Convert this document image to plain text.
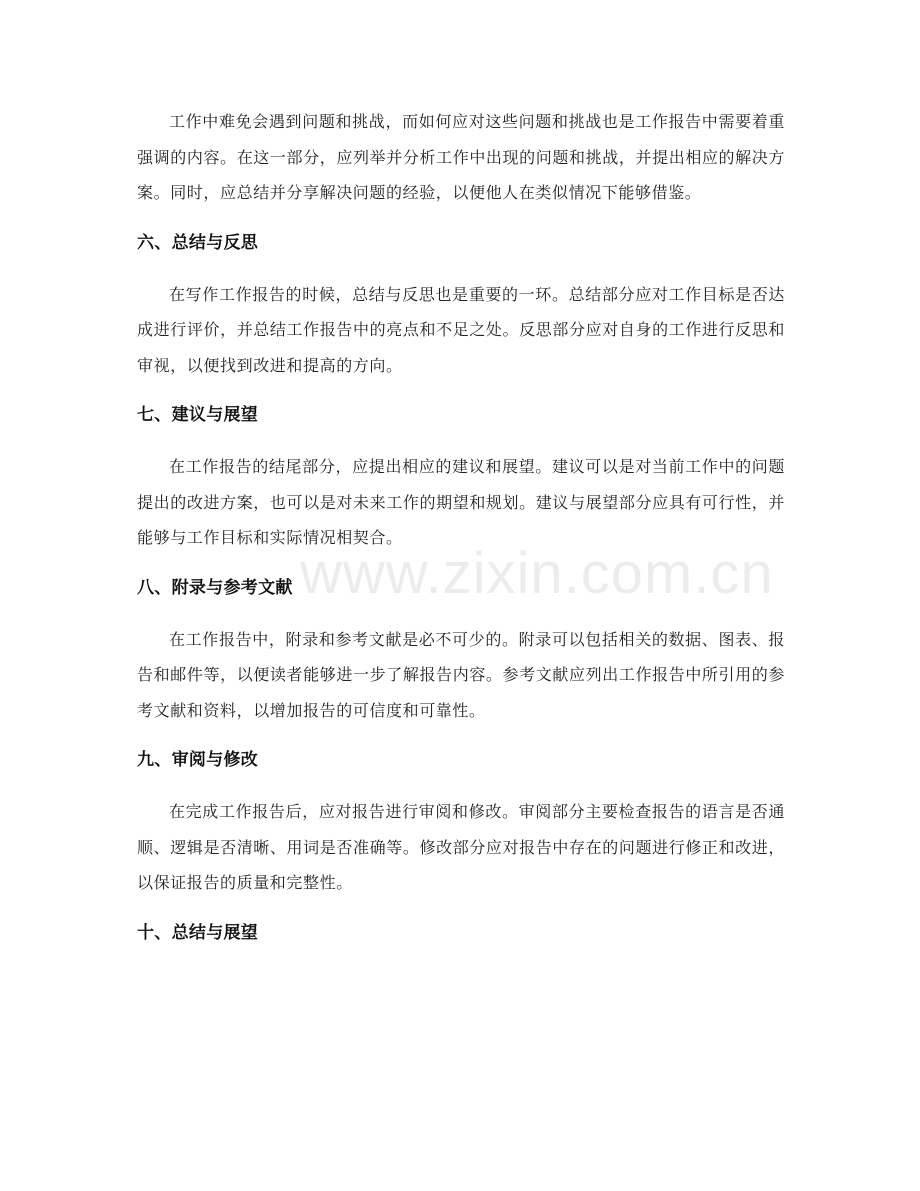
工作中难免会遇到问题和挑战，而如何应对这些问题和挑战也是工作报告中需要着重强调的内容。在这一部分，应列举并分析工作中出现的问题和挑战，并提出相应的解决方案。同时，应总结并分享解决问题的经验，以便他人在类似情况下能够借鉴。

六、总结与反思

在写作工作报告的时候，总结与反思也是重要的一环。总结部分应对工作目标是否达成进行评价，并总结工作报告中的亮点和不足之处。反思部分应对自身的工作进行反思和审视，以便找到改进和提高的方向。

七、建议与展望

在工作报告的结尾部分，应提出相应的建议和展望。建议可以是对当前工作中的问题提出的改进方案，也可以是对未来工作的期望和规划。建议与展望部分应具有可行性，并能够与工作目标和实际情况相契合。

八、附录与参考文献

在工作报告中，附录和参考文献是必不可少的。附录可以包括相关的数据、图表、报告和邮件等，以便读者能够进一步了解报告内容。参考文献应列出工作报告中所引用的参考文献和资料，以增加报告的可信度和可靠性。

九、审阅与修改

在完成工作报告后，应对报告进行审阅和修改。审阅部分主要检查报告的语言是否通顺、逻辑是否清晰、用词是否准确等。修改部分应对报告中存在的问题进行修正和改进，以保证报告的质量和完整性。

十、总结与展望
www.zixin.com.cn
